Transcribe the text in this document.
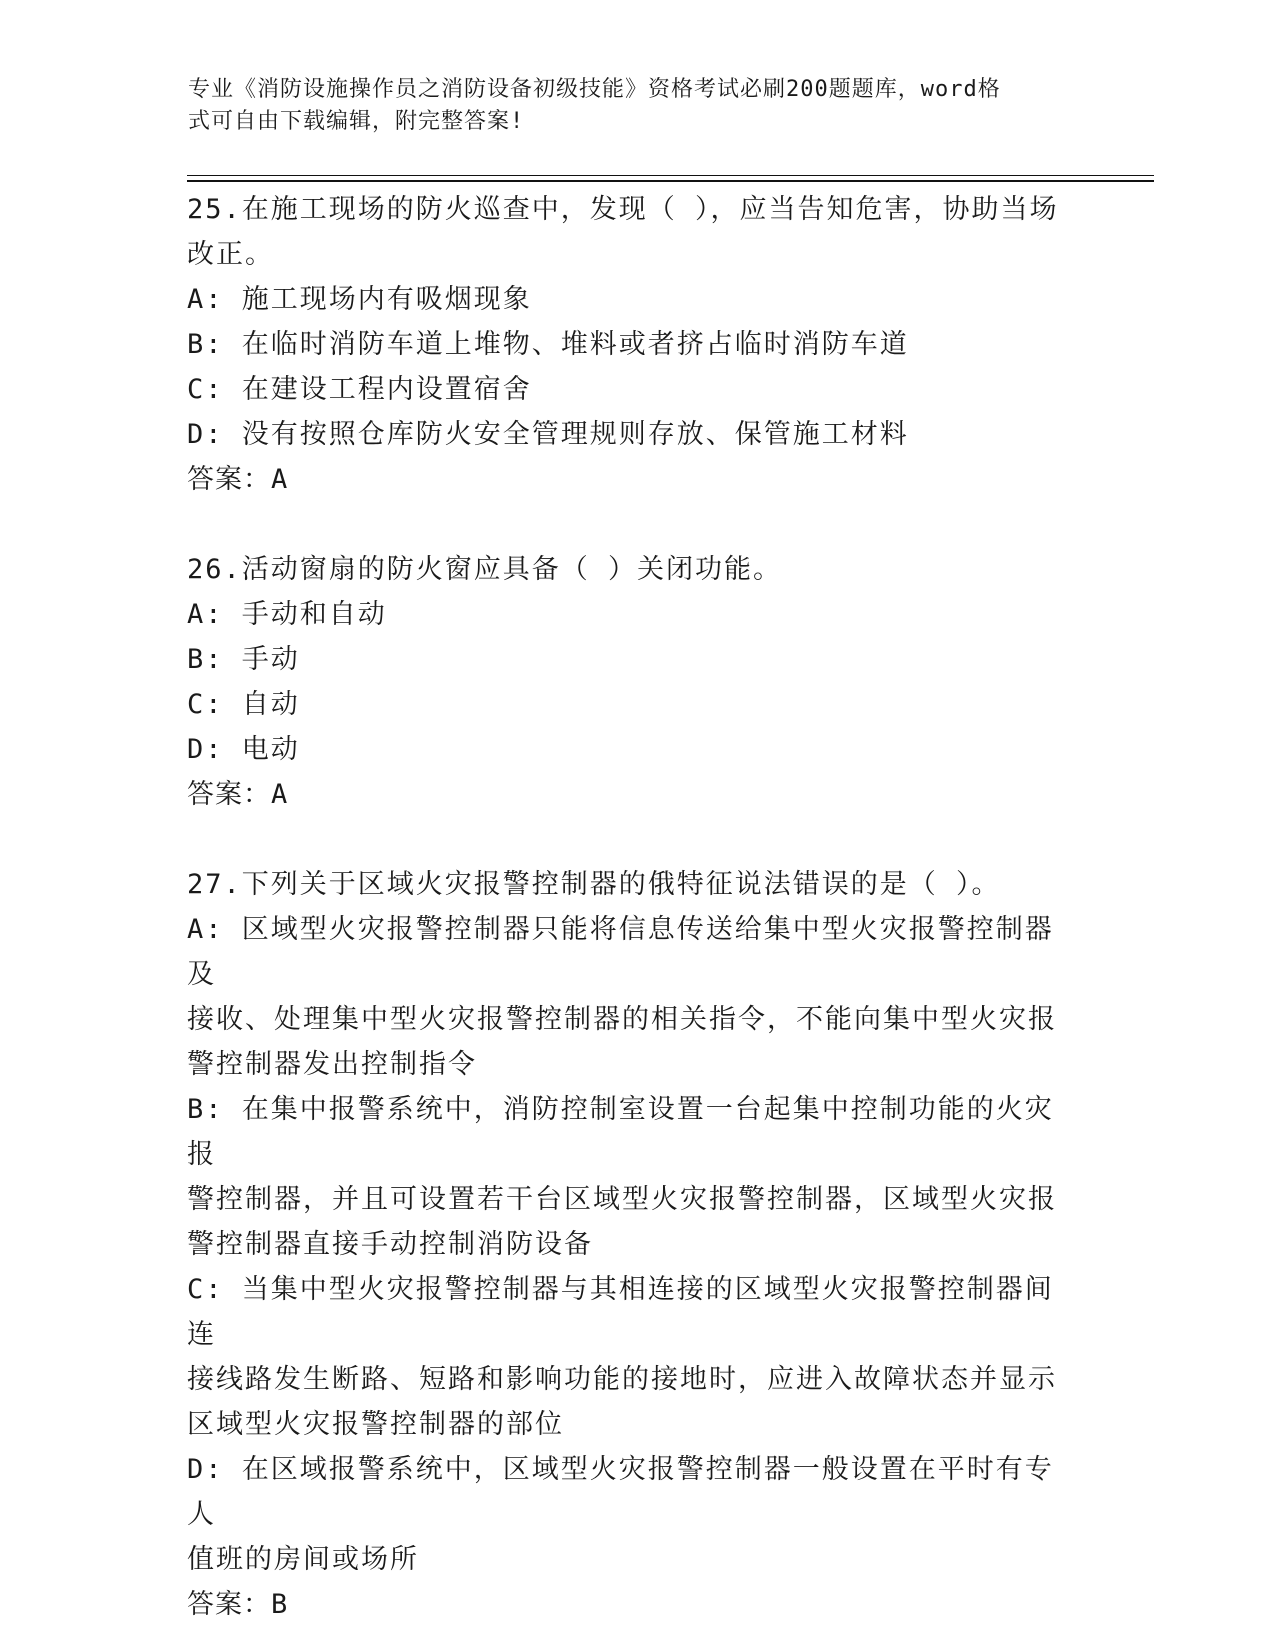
专业《消防设施操作员之消防设备初级技能》资格考试必刷200题题库，word格
式可自由下载编辑，附完整答案!
25.在施工现场的防火巡查中，发现（ ），应当告知危害，协助当场
改正。
A: 施工现场内有吸烟现象
B: 在临时消防车道上堆物、堆料或者挤占临时消防车道
C: 在建设工程内设置宿舍
D: 没有按照仓库防火安全管理规则存放、保管施工材料
答案：A
26.活动窗扇的防火窗应具备（ ）关闭功能。
A: 手动和自动
B: 手动
C: 自动
D: 电动
答案：A
27.下列关于区域火灾报警控制器的俄特征说法错误的是（ ）。
A: 区域型火灾报警控制器只能将信息传送给集中型火灾报警控制器及
接收、处理集中型火灾报警控制器的相关指令，不能向集中型火灾报
警控制器发出控制指令
B: 在集中报警系统中，消防控制室设置一台起集中控制功能的火灾报
警控制器，并且可设置若干台区域型火灾报警控制器，区域型火灾报
警控制器直接手动控制消防设备
C: 当集中型火灾报警控制器与其相连接的区域型火灾报警控制器间连
接线路发生断路、短路和影响功能的接地时，应进入故障状态并显示
区域型火灾报警控制器的部位
D: 在区域报警系统中，区域型火灾报警控制器一般设置在平时有专人
值班的房间或场所
答案：B
